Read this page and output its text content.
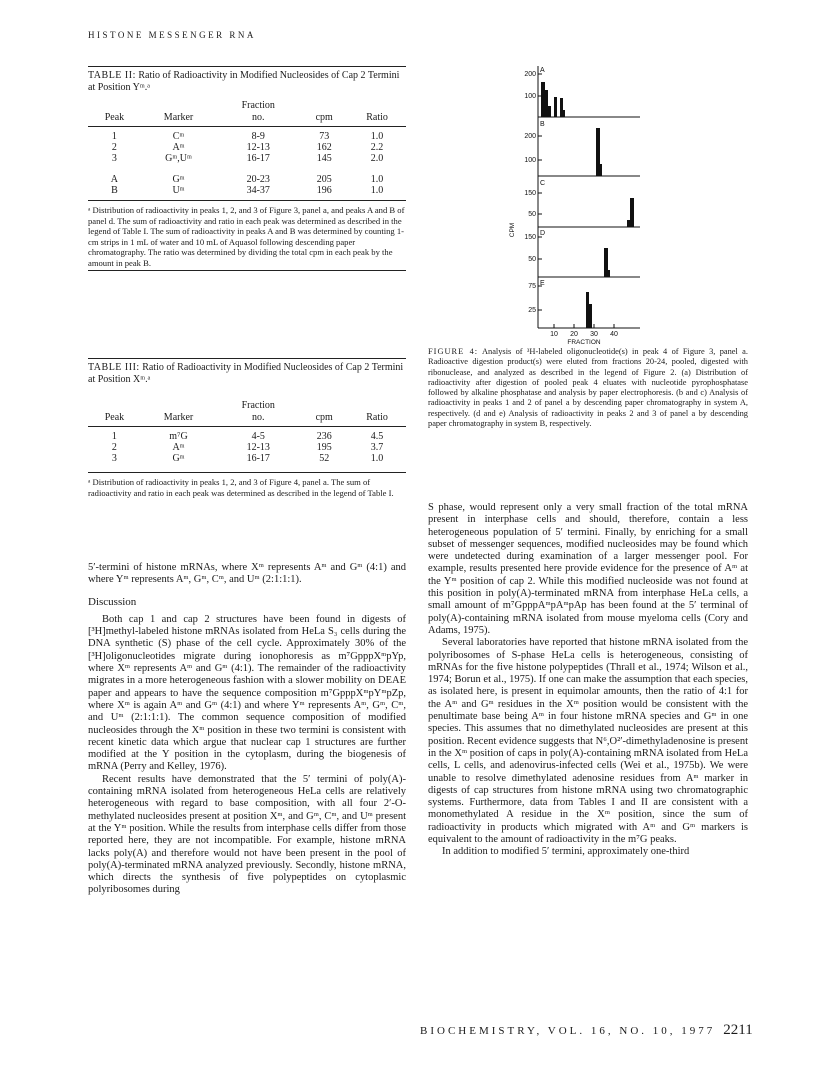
HISTONE MESSENGER RNA
TABLE II: Ratio of Radioactivity in Modified Nucleosides of Cap 2 Termini at Position Yᵐ.ᵃ
		Fraction		
Peak	Marker	no.	cpm	Ratio
1	Cᵐ	8-9	73	1.0
2	Aᵐ	12-13	162	2.2
3	Gᵐ,Uᵐ	16-17	145	2.0
A	Gᵐ	20-23	205	1.0
B	Uᵐ	34-37	196	1.0
ᵃ Distribution of radioactivity in peaks 1, 2, and 3 of Figure 3, panel a, and peaks A and B of panel d. The sum of radioactivity and ratio in each peak was determined as described in the legend of Table I. The sum of radioactivity in peaks A and B was determined by counting 1-cm strips in 1 mL of water and 10 mL of Aquasol following descending paper chromatography. The ratio was determined by dividing the total cpm in each peak by the amount in peak B.
TABLE III: Ratio of Radioactivity in Modified Nucleosides of Cap 2 Termini at Position Xᵐ.ᵃ
		Fraction		
Peak	Marker	no.	cpm	Ratio
1	m⁷G	4-5	236	4.5
2	Aᵐ	12-13	195	3.7
3	Gᵐ	16-17	52	1.0
ᵃ Distribution of radioactivity in peaks 1, 2, and 3 of Figure 4, panel a. The sum of radioactivity and ratio in each peak was determined as described in the legend of Table I.
200
100
200
100
150
50
150
50
75
25
A
B
C
D
E
10 20 30 40
FRACTION
CPM
FIGURE 4: Analysis of ³H-labeled oligonucleotide(s) in peak 4 of Figure 3, panel a. Radioactive digestion product(s) were eluted from fractions 20-24, pooled, digested with ribonuclease, and analyzed as described in the legend of Figure 2. (a) Distribution of radioactivity after digestion of pooled peak 4 eluates with nucleotide pyrophosphatase followed by alkaline phosphatase and analysis by paper electrophoresis. (b and c) Analysis of radioactivity in peaks 1 and 2 of panel a by descending paper chromatography in system A, respectively. (d and e) Analysis of radioactivity in peaks 2 and 3 of panel a by descending paper chromatography in system B, respectively.

5′-termini of histone mRNAs, where Xᵐ represents Aᵐ and Gᵐ (4:1) and where Yᵐ represents Aᵐ, Gᵐ, Cᵐ, and Uᵐ (2:1:1:1).

Discussion

Both cap 1 and cap 2 structures have been found in digests of [³H]methyl-labeled histone mRNAs isolated from HeLa S₃ cells during the DNA synthetic (S) phase of the cell cycle. Approximately 30% of the [³H]oligonucleotides migrate during ionophoresis as m⁷GpppXᵐpYp, where Xᵐ represents Aᵐ and Gᵐ (4:1). The remainder of the radioactivity migrates in a more heterogeneous fashion with a slower mobility on DEAE paper and appears to have the sequence composition m⁷GpppXᵐpYᵐpZp, where Xᵐ is again Aᵐ and Gᵐ (4:1) and where Yᵐ represents Aᵐ, Gᵐ, Cᵐ, and Uᵐ (2:1:1:1). The common sequence composition of modified nucleosides through the Xᵐ position in these two termini is consistent with recent kinetic data which argue that nuclear cap 1 structures are further modified at the Y position in the cytoplasm, during the biogenesis of mRNA (Perry and Kelley, 1976).

Recent results have demonstrated that the 5′ termini of poly(A)-containing mRNA isolated from heterogeneous HeLa cells are relatively heterogeneous with regard to base composition, with all four 2′-O-methylated nucleosides present at position Xᵐ, and Gᵐ, Cᵐ, and Uᵐ present at the Yᵐ position. While the results from interphase cells differ from those reported here, they are not incompatible. For example, histone mRNA lacks poly(A) and therefore would not have been present in the pool of poly(A)-terminated mRNA analyzed previously. Secondly, histone mRNA, which directs the synthesis of five polypeptides on cytoplasmic polyribosomes during

S phase, would represent only a very small fraction of the total mRNA present in interphase cells and should, therefore, contain a less heterogeneous population of 5′ termini. Finally, by enriching for a small subset of messenger sequences, modified nucleosides may be found which were undetected during examination of a larger messenger pool. For example, results presented here provide evidence for the presence of Aᵐ at the Yᵐ position of cap 2. While this modified nucleoside was not found at this position in poly(A)-terminated mRNA from interphase HeLa cells, a small amount of m⁷GpppAᵐpAᵐpAp has been found at the 5′ terminal of poly(A)-containing mRNA isolated from mouse myeloma cells (Cory and Adams, 1975).

Several laboratories have reported that histone mRNA isolated from the polyribosomes of S-phase HeLa cells is heterogeneous, consisting of mRNAs for the five histone polypeptides (Thrall et al., 1974; Wilson et al., 1974; Borun et al., 1975). If one can make the assumption that each species, as isolated here, is present in equimolar amounts, then the ratio of 4:1 for the Aᵐ and Gᵐ residues in the Xᵐ position would be consistent with the penultimate base being Aᵐ in four histone mRNA species and Gᵐ in one species. This assumes that no dimethylated nucleosides are present at this position. Recent evidence suggests that N⁶,O²′-dimethyladenosine is present in the Xᵐ position of caps in poly(A)-containing mRNA isolated from HeLa cells, L cells, and adenovirus-infected cells (Wei et al., 1975b). We were unable to resolve dimethylated adenosine residues from Aᵐ marker in digests of cap structures from histone mRNA using two chromatographic systems. Furthermore, data from Tables I and II are consistent with a monomethylated A residue in the Xᵐ position, since the sum of radioactivity in products which migrated with Aᵐ and Gᵐ markers is equivalent to the amount of radioactivity in the m⁷G peaks.

In addition to modified 5′ termini, approximately one-third

BIOCHEMISTRY, VOL. 16, NO. 10, 1977 2211
